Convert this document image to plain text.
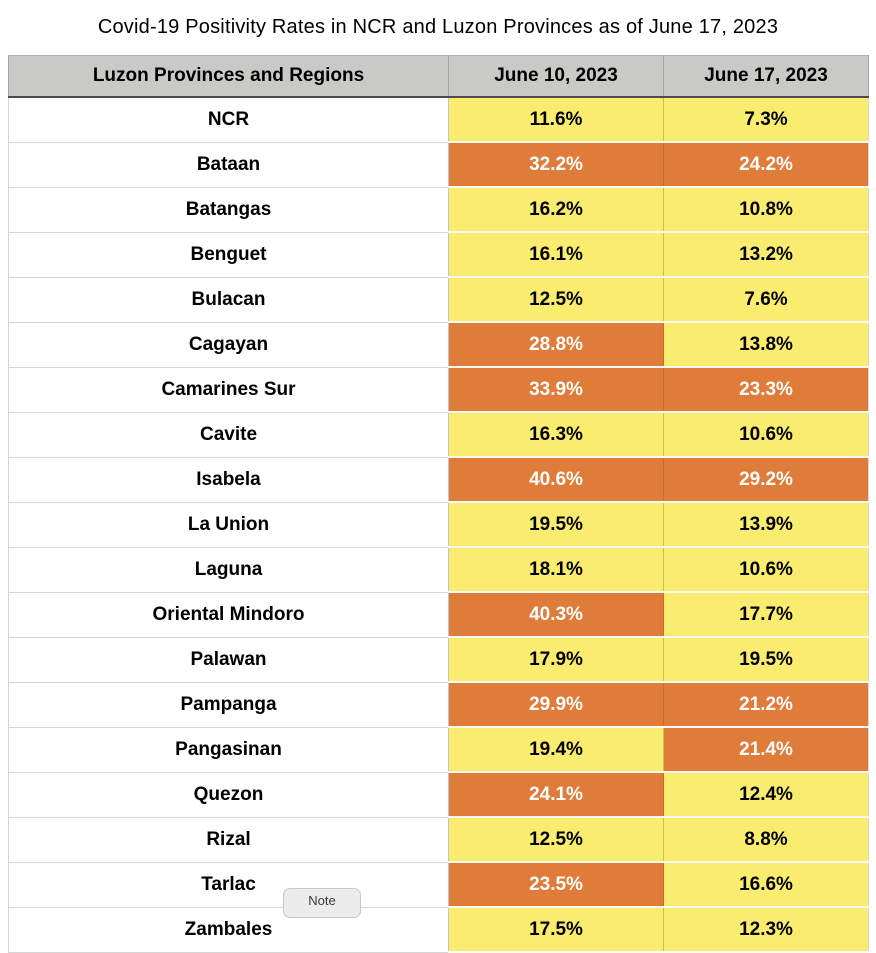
Covid-19 Positivity Rates in NCR and Luzon Provinces as of June 17, 2023
Luzon Provinces and Regions	June 10, 2023	June 17, 2023
NCR	11.6%	7.3%
Bataan	32.2%	24.2%
Batangas	16.2%	10.8%
Benguet	16.1%	13.2%
Bulacan	12.5%	7.6%
Cagayan	28.8%	13.8%
Camarines Sur	33.9%	23.3%
Cavite	16.3%	10.6%
Isabela	40.6%	29.2%
La Union	19.5%	13.9%
Laguna	18.1%	10.6%
Oriental Mindoro	40.3%	17.7%
Palawan	17.9%	19.5%
Pampanga	29.9%	21.2%
Pangasinan	19.4%	21.4%
Quezon	24.1%	12.4%
Rizal	12.5%	8.8%
Tarlac	23.5%	16.6%
Zambales	17.5%	12.3%
Note
